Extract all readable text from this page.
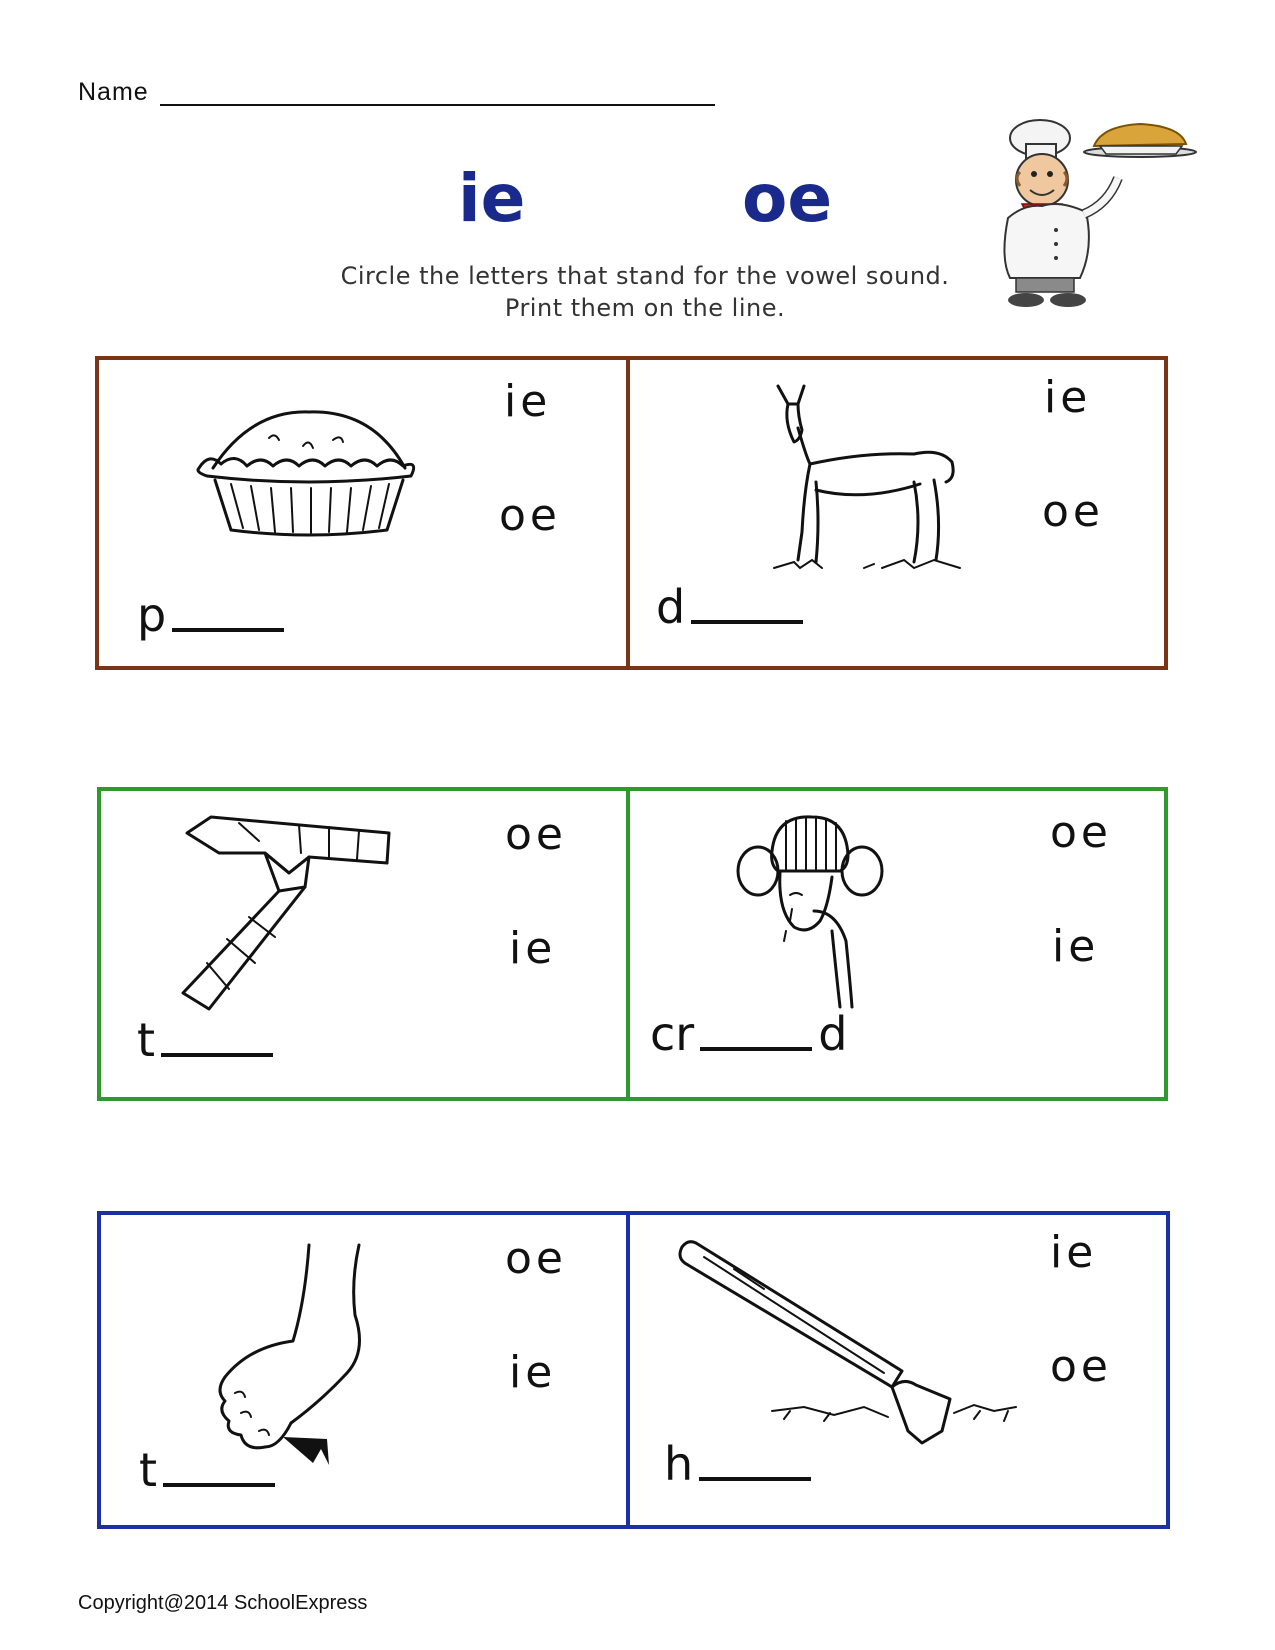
Name
ie	oe
Circle the letters that stand for the vowel sound.
Print them on the line.
ie
oe
p
ie
oe
d
oe
ie
t
oe
ie
cr	d
oe
ie
t
ie
oe
h
Copyright@2014 SchoolExpress
